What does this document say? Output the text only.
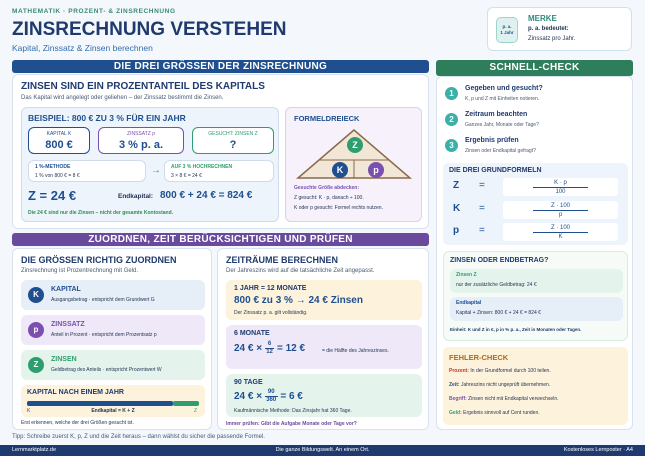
MATHEMATIK · PROZENT- & ZINSRECHNUNG
ZINSRECHNUNG VERSTEHEN
Kapital, Zinssatz & Zinsen berechnen
p. a.
1 Jahr
MERKE
p. a. bedeutet:
Zinssatz pro Jahr.
DIE DREI GRÖSSEN DER ZINSRECHNUNG
ZINSEN SIND EIN PROZENTANTEIL DES KAPITALS
Das Kapital wird angelegt oder geliehen – der Zinssatz bestimmt die Zinsen.
BEISPIEL: 800 € ZU 3 % FÜR EIN JAHR
KAPITAL K
800 €
ZINSSATZ p
3 % p. a.
GESUCHT: ZINSEN Z
?
1 %-METHODE
1 % von 800 € = 8 €	→ AUF 3 % HOCHRECHNEN
3 × 8 € = 24 €
Z = 24 €	Endkapital: 800 € + 24 € = 824 €
Die 24 € sind nur die Zinsen – nicht der gesamte Kontostand.
FORMELDREIECK
Z
K	p
Gesuchte Größe abdecken:
Z gesucht: K · p, danach ÷ 100.
K oder p gesucht: Formel rechts nutzen.
ZUORDNEN, ZEIT BERÜCKSICHTIGEN UND PRÜFEN
DIE GRÖSSEN RICHTIG ZUORDNEN
Zinsrechnung ist Prozentrechnung mit Geld.
K
KAPITAL
Ausgangsbetrag · entspricht dem Grundwert G
p
ZINSSATZ
Anteil in Prozent · entspricht dem Prozentsatz p
Z
ZINSEN
Geldbetrag des Anteils · entspricht Prozentwert W
KAPITAL NACH EINEM JAHR
K	Endkapital = K + Z	Z
Erst erkennen, welche der drei Größen gesucht ist.
ZEITRÄUME BERECHNEN
Der Jahreszins wird auf die tatsächliche Zeit angepasst.
1 JAHR = 12 MONATE
800 € zu 3 % → 24 € Zinsen
Der Zinssatz p. a. gilt vollständig.
6 MONATE
24 € × $\frac{6}{12} = 12$ €	= die Hälfte des Jahreszinses.
90 TAGE
24 € × $\frac{90}{360} = 6$ €
Kaufmännische Methode: Das Zinsjahr hat 360 Tage.
Immer prüfen: Gibt die Aufgabe Monate oder Tage vor?
SCHNELL-CHECK
1
Gegeben und gesucht?
K, p und Z mit Einheiten notieren.
2
Zeitraum beachten
Ganzes Jahr, Monate oder Tage?
3
Ergebnis prüfen
Zinsen oder Endkapital gefragt?
DIE DREI GRUNDFORMELN
Z =	$\frac{K \cdot p}{100}$
K =	$\frac{Z \cdot 100}{p}$
p =	$\frac{Z \cdot 100}{K}$
ZINSEN ODER ENDBETRAG?
Zinsen Z
nur der zusätzliche Geldbetrag: 24 €
Endkapital
Kapital + Zinsen: 800 € + 24 € = 824 €
Einheit: K und Z in €, p in % p. a., Zeit in Monaten oder Tagen.
FEHLER-CHECK
Prozent: In der Grundformel durch 100 teilen.
Zeit: Jahreszins nicht ungeprüft übernehmen.
Begriff: Zinsen nicht mit Endkapital verwechseln.
Geld: Ergebnis sinnvoll auf Cent runden.
Tipp: Schreibe zuerst K, p, Z und die Zeit heraus – dann wählst du sicher die passende Formel.
Lernmarktplatz.de	Die ganze Bildungswelt. An einem Ort.	Kostenloses Lernposter · A4
